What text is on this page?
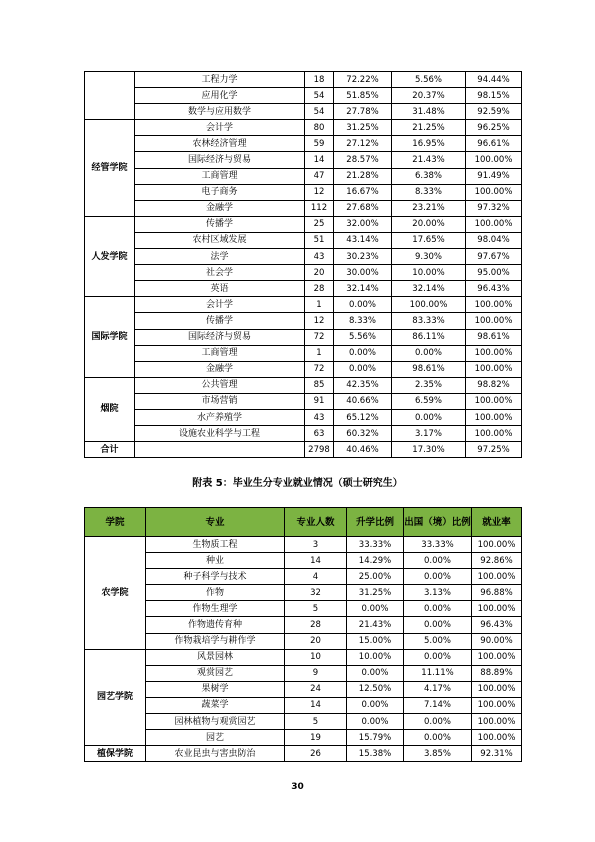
	工程力学	18	72.22%	5.56%	94.44%
	应用化学	54	51.85%	20.37%	98.15%
	数学与应用数学	54	27.78%	31.48%	92.59%
经管学院	会计学	80	31.25%	21.25%	96.25%
	农林经济管理	59	27.12%	16.95%	96.61%
	国际经济与贸易	14	28.57%	21.43%	100.00%
	工商管理	47	21.28%	6.38%	91.49%
	电子商务	12	16.67%	8.33%	100.00%
	金融学	112	27.68%	23.21%	97.32%
人发学院	传播学	25	32.00%	20.00%	100.00%
	农村区域发展	51	43.14%	17.65%	98.04%
	法学	43	30.23%	9.30%	97.67%
	社会学	20	30.00%	10.00%	95.00%
	英语	28	32.14%	32.14%	96.43%
国际学院	会计学	1	0.00%	100.00%	100.00%
	传播学	12	8.33%	83.33%	100.00%
	国际经济与贸易	72	5.56%	86.11%	98.61%
	工商管理	1	0.00%	0.00%	100.00%
	金融学	72	0.00%	98.61%	100.00%
烟院	公共管理	85	42.35%	2.35%	98.82%
	市场营销	91	40.66%	6.59%	100.00%
	水产养殖学	43	65.12%	0.00%	100.00%
	设施农业科学与工程	63	60.32%	3.17%	100.00%
合计		2798	40.46%	17.30%	97.25%
附表 5：毕业生分专业就业情况（硕士研究生）
学院	专业	专业人数	升学比例	出国（境）比例	就业率
农学院	生物质工程	3	33.33%	33.33%	100.00%
	种业	14	14.29%	0.00%	92.86%
	种子科学与技术	4	25.00%	0.00%	100.00%
	作物	32	31.25%	3.13%	96.88%
	作物生理学	5	0.00%	0.00%	100.00%
	作物遗传育种	28	21.43%	0.00%	96.43%
	作物栽培学与耕作学	20	15.00%	5.00%	90.00%
园艺学院	风景园林	10	10.00%	0.00%	100.00%
	观赏园艺	9	0.00%	11.11%	88.89%
	果树学	24	12.50%	4.17%	100.00%
	蔬菜学	14	0.00%	7.14%	100.00%
	园林植物与观赏园艺	5	0.00%	0.00%	100.00%
	园艺	19	15.79%	0.00%	100.00%
植保学院	农业昆虫与害虫防治	26	15.38%	3.85%	92.31%
30
